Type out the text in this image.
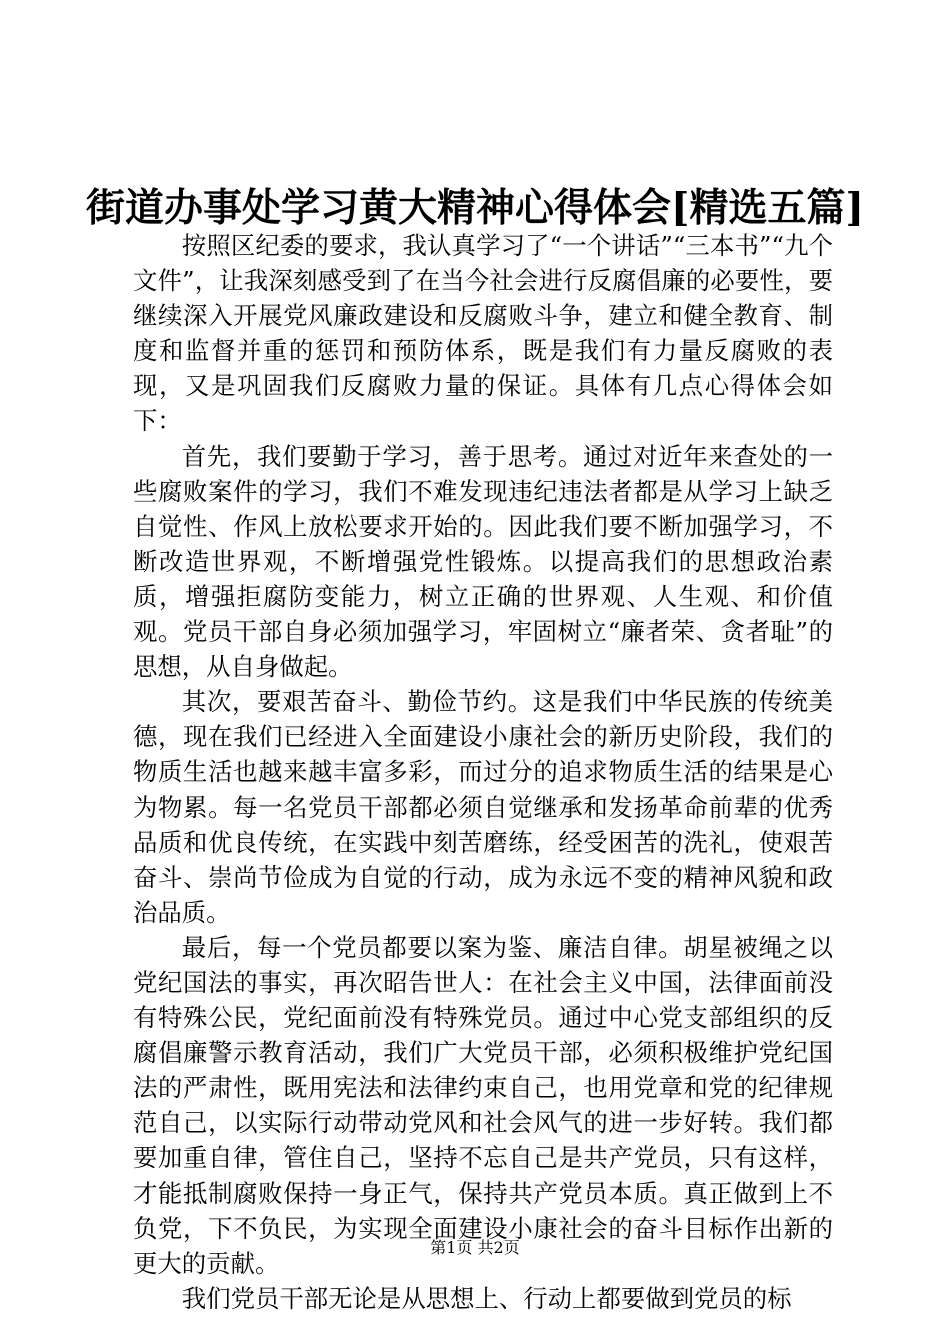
街道办事处学习黄大精神心得体会[精选五篇]

按照区纪委的要求，我认真学习了“一个讲话”“三本书”“九个文件”，让我深刻感受到了在当今社会进行反腐倡廉的必要性，要继续深入开展党风廉政建设和反腐败斗争，建立和健全教育、制度和监督并重的惩罚和预防体系，既是我们有力量反腐败的表现，又是巩固我们反腐败力量的保证。具体有几点心得体会如下：

首先，我们要勤于学习，善于思考。通过对近年来查处的一些腐败案件的学习，我们不难发现违纪违法者都是从学习上缺乏自觉性、作风上放松要求开始的。因此我们要不断加强学习，不断改造世界观，不断增强党性锻炼。以提高我们的思想政治素质，增强拒腐防变能力，树立正确的世界观、人生观、和价值观。党员干部自身必须加强学习，牢固树立“廉者荣、贪者耻”的思想，从自身做起。

其次，要艰苦奋斗、勤俭节约。这是我们中华民族的传统美德，现在我们已经进入全面建设小康社会的新历史阶段，我们的物质生活也越来越丰富多彩，而过分的追求物质生活的结果是心为物累。每一名党员干部都必须自觉继承和发扬革命前辈的优秀品质和优良传统，在实践中刻苦磨练，经受困苦的洗礼，使艰苦奋斗、崇尚节俭成为自觉的行动，成为永远不变的精神风貌和政治品质。

最后，每一个党员都要以案为鉴、廉洁自律。胡星被绳之以党纪国法的事实，再次昭告世人：在社会主义中国，法律面前没有特殊公民，党纪面前没有特殊党员。通过中心党支部组织的反腐倡廉警示教育活动，我们广大党员干部，必须积极维护党纪国法的严肃性，既用宪法和法律约束自己，也用党章和党的纪律规范自己，以实际行动带动党风和社会风气的进一步好转。我们都要加重自律，管住自己，坚持不忘自己是共产党员，只有这样，才能抵制腐败保持一身正气，保持共产党员本质。真正做到上不负党，下不负民，为实现全面建设小康社会的奋斗目标作出新的更大的贡献。

我们党员干部无论是从思想上、行动上都要做到党员的标

第1页 共2页
